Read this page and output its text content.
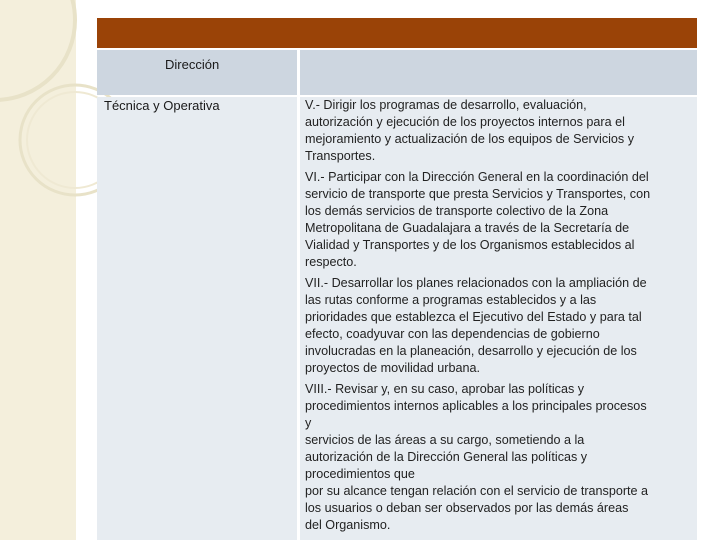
Dirección
Técnica y Operativa	V.- Dirigir los programas de desarrollo, evaluación,
autorización y ejecución de los proyectos internos para el
mejoramiento y actualización de los equipos de Servicios y
Transportes.

VI.- Participar con la Dirección General en la coordinación del
servicio de transporte que presta Servicios y Transportes, con
los demás servicios de transporte colectivo de la Zona
Metropolitana de Guadalajara a través de la Secretaría de
Vialidad y Transportes y de los Organismos establecidos al
respecto.

VII.- Desarrollar los planes relacionados con la ampliación de
las rutas conforme a programas establecidos y a las
prioridades que establezca el Ejecutivo del Estado y para tal
efecto, coadyuvar con las dependencias de gobierno
involucradas en la planeación, desarrollo y ejecución de los
proyectos de movilidad urbana.

VIII.- Revisar y, en su caso, aprobar las políticas y
procedimientos internos aplicables a los principales procesos
y
servicios de las áreas a su cargo, sometiendo a la
autorización de la Dirección General las políticas y
procedimientos que
por su alcance tengan relación con el servicio de transporte a
los usuarios o deban ser observados por las demás áreas
del Organismo.
